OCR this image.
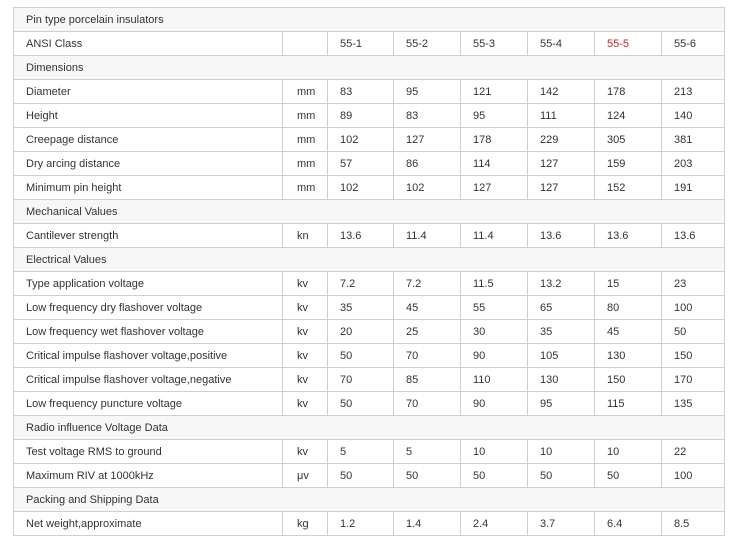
Pin type porcelain insulators							
ANSI Class		55-1	55-2	55-3	55-4	55-5	55-6
Dimensions							
Diameter	mm	83	95	121	142	178	213
Height	mm	89	83	95	111	124	140
Creepage distance	mm	102	127	178	229	305	381
Dry arcing distance	mm	57	86	114	127	159	203
Minimum pin height	mm	102	102	127	127	152	191
Mechanical Values							
Cantilever strength	kn	13.6	11.4	11.4	13.6	13.6	13.6
Electrical Values							
Type application voltage	kv	7.2	7.2	11.5	13.2	15	23
Low frequency dry flashover voltage	kv	35	45	55	65	80	100
Low frequency wet flashover voltage	kv	20	25	30	35	45	50
Critical impulse flashover voltage,positive	kv	50	70	90	105	130	150
Critical impulse flashover voltage,negative	kv	70	85	110	130	150	170
Low frequency puncture voltage	kv	50	70	90	95	115	135
Radio influence Voltage Data							
Test voltage RMS to ground	kv	5	5	10	10	10	22
Maximum RIV at 1000kHz	μv	50	50	50	50	50	100
Packing and Shipping Data							
Net weight,approximate	kg	1.2	1.4	2.4	3.7	6.4	8.5
